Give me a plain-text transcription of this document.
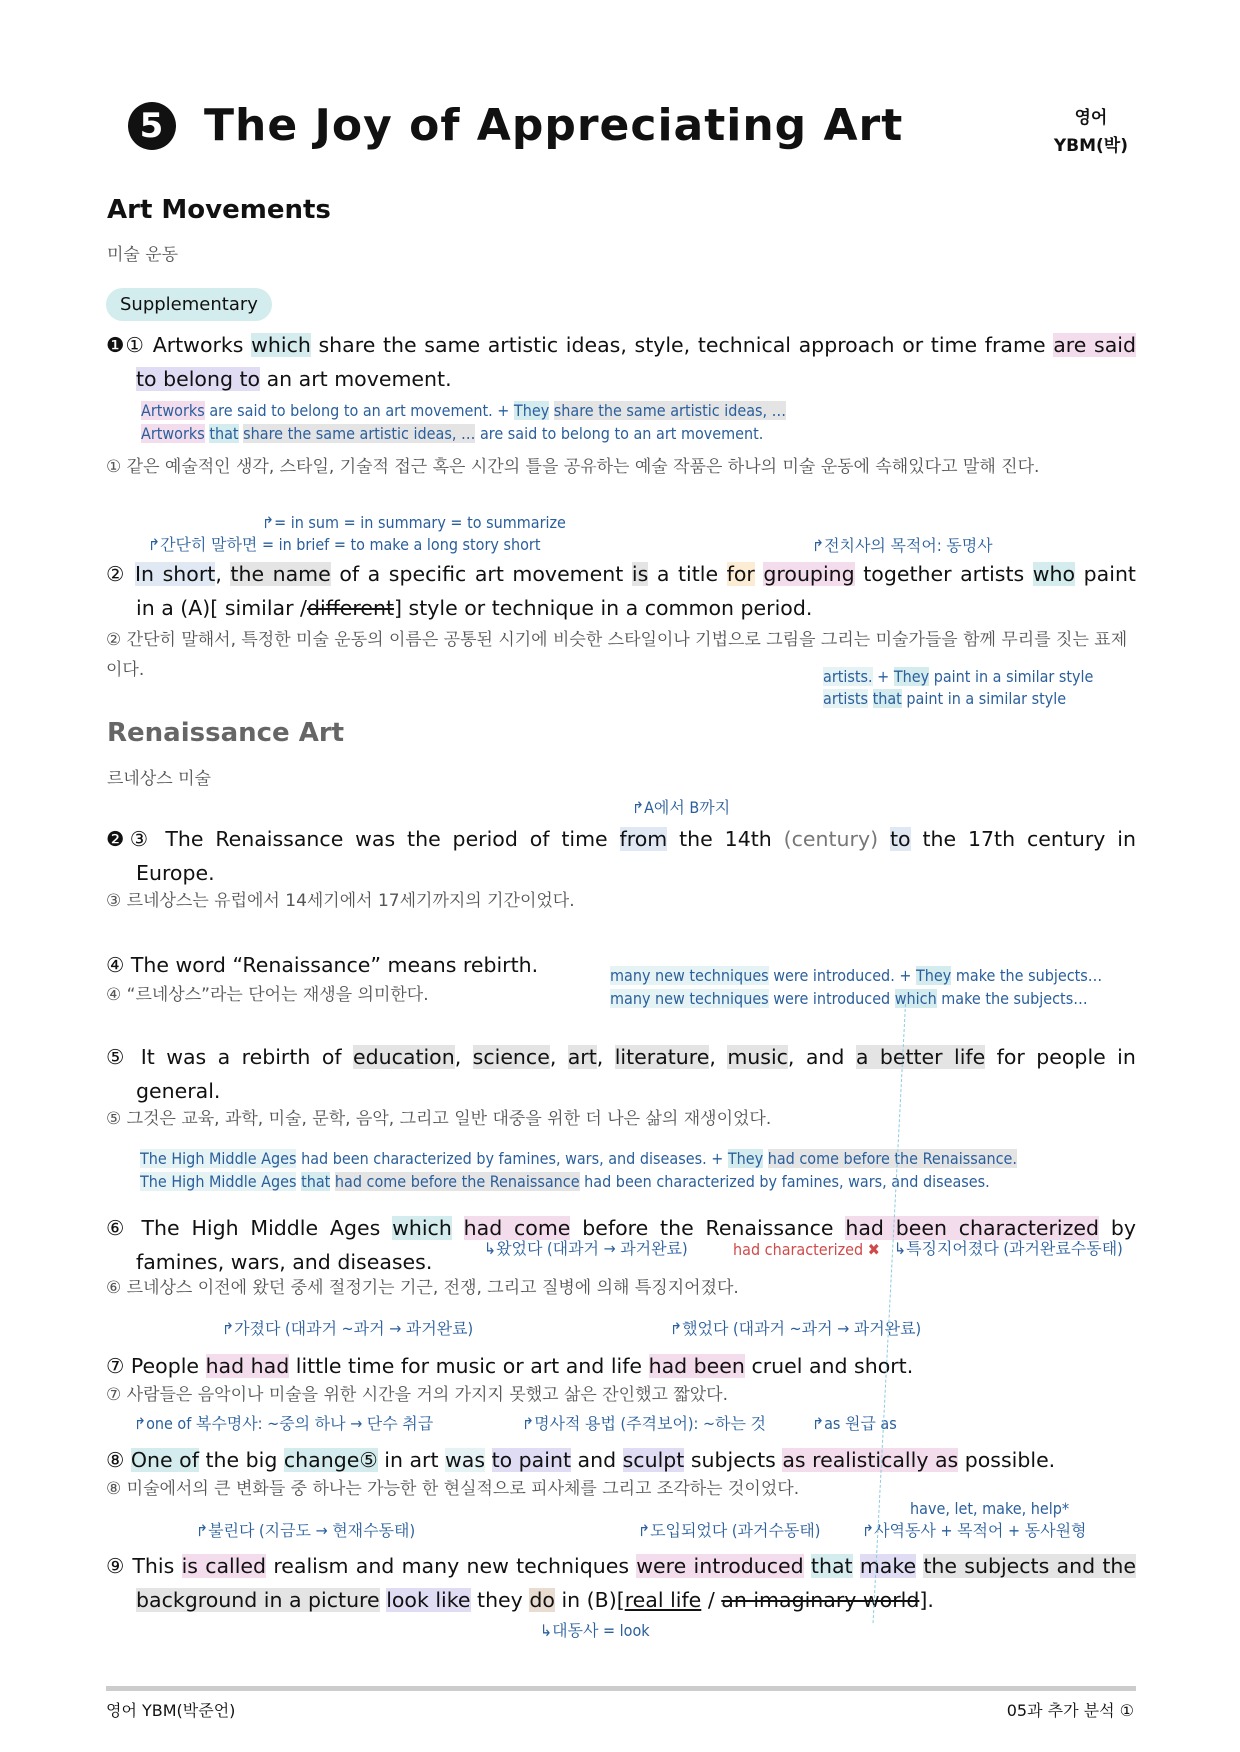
5 The Joy of Appreciating Art	영어
YBM(박)
Art Movements
미술 운동
Supplementary
❶① Artworks which share the same artistic ideas, style, technical approach or time frame are said
to belong to an art movement.
Artworks are said to belong to an art movement. + They share the same artistic ideas, …
Artworks that share the same artistic ideas, … are said to belong to an art movement.
① 같은 예술적인 생각, 스타일, 기술적 접근 혹은 시간의 틀을 공유하는 예술 작품은 하나의 미술 운동에 속해있다고 말해 진다.
↱= in sum = in summary = to summarize
↱간단히 말하면 = in brief = to make a long story short	↱전치사의 목적어: 동명사
② In short, the name of a specific art movement is a title for grouping together artists who paint
in a (A)[ similar /different] style or technique in a common period.
② 간단히 말해서, 특정한 미술 운동의 이름은 공통된 시기에 비슷한 스타일이나 기법으로 그림을 그리는 미술가들을 함께 무리를 짓는 표제이다.	artists. + They paint in a similar style
artists that paint in a similar style
Renaissance Art
르네상스 미술
↱A에서 B까지
❷③ The Renaissance was the period of time from the 14th (century) to the 17th century in
Europe.
③ 르네상스는 유럽에서 14세기에서 17세기까지의 기간이었다.
④ The word “Renaissance” means rebirth.
④ “르네상스”라는 단어는 재생을 의미한다.
many new techniques were introduced. + They make the subjects…
many new techniques were introduced which make the subjects…
⑤ It was a rebirth of education, science, art, literature, music, and a better life for people in
general.
⑤ 그것은 교육, 과학, 미술, 문학, 음악, 그리고 일반 대중을 위한 더 나은 삶의 재생이었다.
The High Middle Ages had been characterized by famines, wars, and diseases. + They had come before the Renaissance.
The High Middle Ages that had come before the Renaissance had been characterized by famines, wars, and diseases.
⑥ The High Middle Ages which had come before the Renaissance had been characterized by
famines, wars, and diseases.
↳왔었다 (대과거 → 과거완료)	had characterized ✖ ↳특징지어졌다 (과거완료수동태)
⑥ 르네상스 이전에 왔던 중세 절정기는 기근, 전쟁, 그리고 질병에 의해 특징지어졌다.
↱가졌다 (대과거 ~과거 → 과거완료)	↱했었다 (대과거 ~과거 → 과거완료)
⑦ People had had little time for music or art and life had been cruel and short.
⑦ 사람들은 음악이나 미술을 위한 시간을 거의 가지지 못했고 삶은 잔인했고 짧았다.
↱one of 복수명사: ~중의 하나 → 단수 취급	↱명사적 용법 (주격보어): ~하는 것	↱as 원급 as
⑧ One of the big change⑤ in art was to paint and sculpt subjects as realistically as possible.
⑧ 미술에서의 큰 변화들 중 하나는 가능한 한 현실적으로 피사체를 그리고 조각하는 것이었다.
have, let, make, help*
↱불린다 (지금도 → 현재수동태)	↱도입되었다 (과거수동태)	↱사역동사 + 목적어 + 동사원형
⑨ This is called realism and many new techniques were introduced that make the subjects and the
background in a picture look like they do in (B)[real life / an imaginary world].
↳대동사 = look
영어 YBM(박준언)	05과 추가 분석 ①
